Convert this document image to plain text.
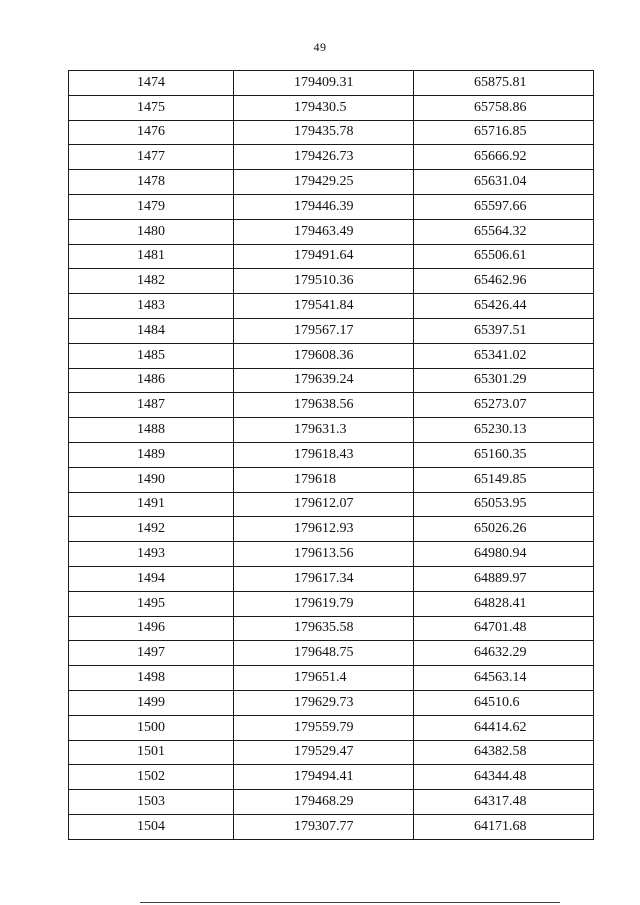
49
1474	179409.31	65875.81
1475	179430.5	65758.86
1476	179435.78	65716.85
1477	179426.73	65666.92
1478	179429.25	65631.04
1479	179446.39	65597.66
1480	179463.49	65564.32
1481	179491.64	65506.61
1482	179510.36	65462.96
1483	179541.84	65426.44
1484	179567.17	65397.51
1485	179608.36	65341.02
1486	179639.24	65301.29
1487	179638.56	65273.07
1488	179631.3	65230.13
1489	179618.43	65160.35
1490	179618	65149.85
1491	179612.07	65053.95
1492	179612.93	65026.26
1493	179613.56	64980.94
1494	179617.34	64889.97
1495	179619.79	64828.41
1496	179635.58	64701.48
1497	179648.75	64632.29
1498	179651.4	64563.14
1499	179629.73	64510.6
1500	179559.79	64414.62
1501	179529.47	64382.58
1502	179494.41	64344.48
1503	179468.29	64317.48
1504	179307.77	64171.68
